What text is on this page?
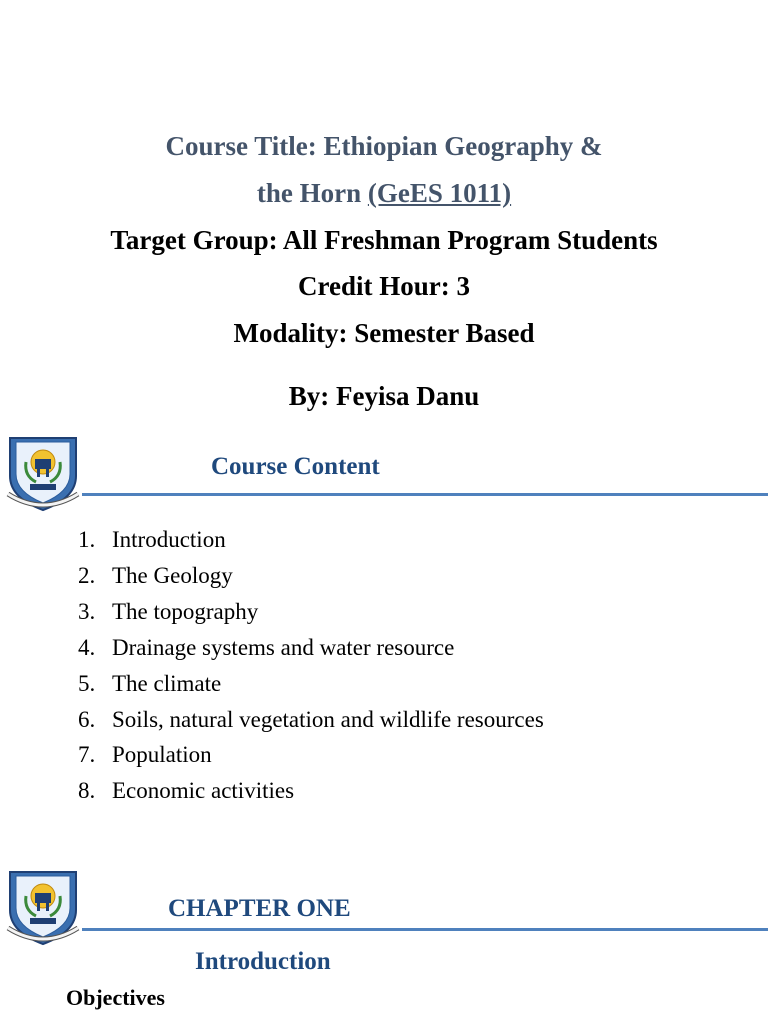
Course Title: Ethiopian Geography &
the Horn (GeES 1011)
Target Group: All Freshman Program Students
Credit Hour: 3
Modality: Semester Based
By: Feyisa Danu
Course Content
1. Introduction
2. The Geology
3. The topography
4. Drainage systems and water resource
5. The climate
6. Soils, natural vegetation and wildlife resources
7. Population
8. Economic activities
CHAPTER ONE
Introduction
Objectives
